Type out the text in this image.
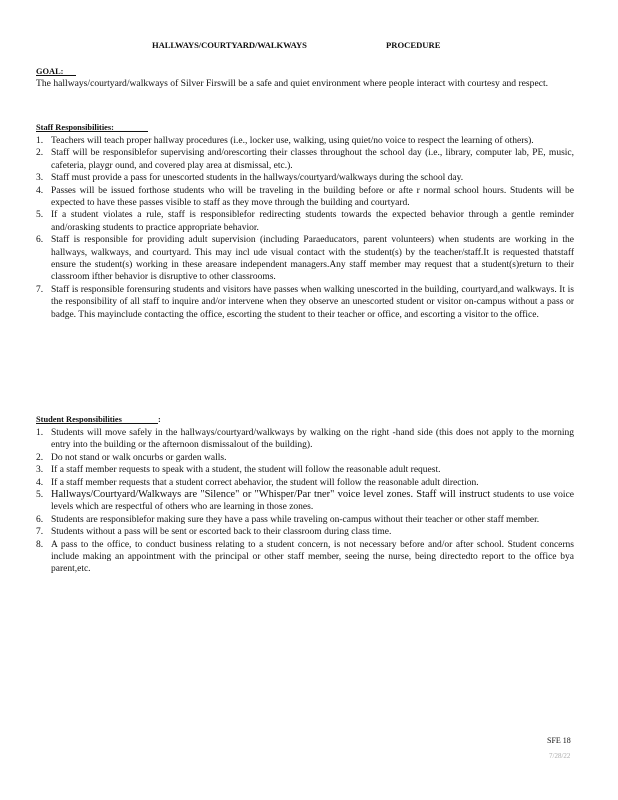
HALLWAYS/COURTYARD/WALKWAYS	PROCEDURE
GOAL:
The hallways/courtyard/walkways of Silver Firswill be a safe and quiet environment where people interact with courtesy and respect.
Staff Responsibilities:
1. Teachers will teach proper hallway procedures (i.e., locker use, walking, using quiet/no voice to respect the learning of others).
2. Staff will be responsiblefor supervising and/orescorting their classes throughout the school day (i.e., library, computer lab, PE, music, cafeteria, playgr ound, and covered play area at dismissal, etc.).
3. Staff must provide a pass for unescorted students in the hallways/courtyard/walkways during the school day.
4. Passes will be issued forthose students who will be traveling in the building before or afte r normal school hours. Students will be expected to have these passes visible to staff as they move through the building and courtyard.
5. If a student violates a rule, staff is responsiblefor redirecting students towards the expected behavior through a gentle reminder and/orasking students to practice appropriate behavior.
6. Staff is responsible for providing adult supervision (including Paraeducators, parent volunteers) when students are working in the hallways, walkways, and courtyard. This may incl ude visual contact with the student(s) by the teacher/staff.It is requested thatstaff ensure the student(s) working in these areasare independent managers.Any staff member may request that a student(s)return to their classroom ifther behavior is disruptive to other classrooms.
7. Staff is responsible forensuring students and visitors have passes when walking unescorted in the building, courtyard,and walkways. It is the responsibility of all staff to inquire and/or intervene when they observe an unescorted student or visitor on-campus without a pass or badge. This mayinclude contacting the office, escorting the student to their teacher or office, and escorting a visitor to the office.
Student Responsibilities	:
1. Students will move safely in the hallways/courtyard/walkways by walking on the right -hand side (this does not apply to the morning entry into the building or the afternoon dismissalout of the building).
2. Do not stand or walk oncurbs or garden walls.
3. If a staff member requests to speak with a student, the student will follow the reasonable adult request.
4. If a staff member requests that a student correct abehavior, the student will follow the reasonable adult direction.
5. Hallways/Courtyard/Walkways are "Silence" or "Whisper/Par tner" voice level zones. Staff will instruct students to use voice levels which are respectful of others who are learning in those zones.
6. Students are responsiblefor making sure they have a pass while traveling on-campus without their teacher or other staff member.
7. Students without a pass will be sent or escorted back to their classroom during class time.
8. A pass to the office, to conduct business relating to a student concern, is not necessary before and/or after school. Student concerns include making an appointment with the principal or other staff member, seeing the nurse, being directedto report to the office bya parent,etc.
SFE 18
7/28/22
